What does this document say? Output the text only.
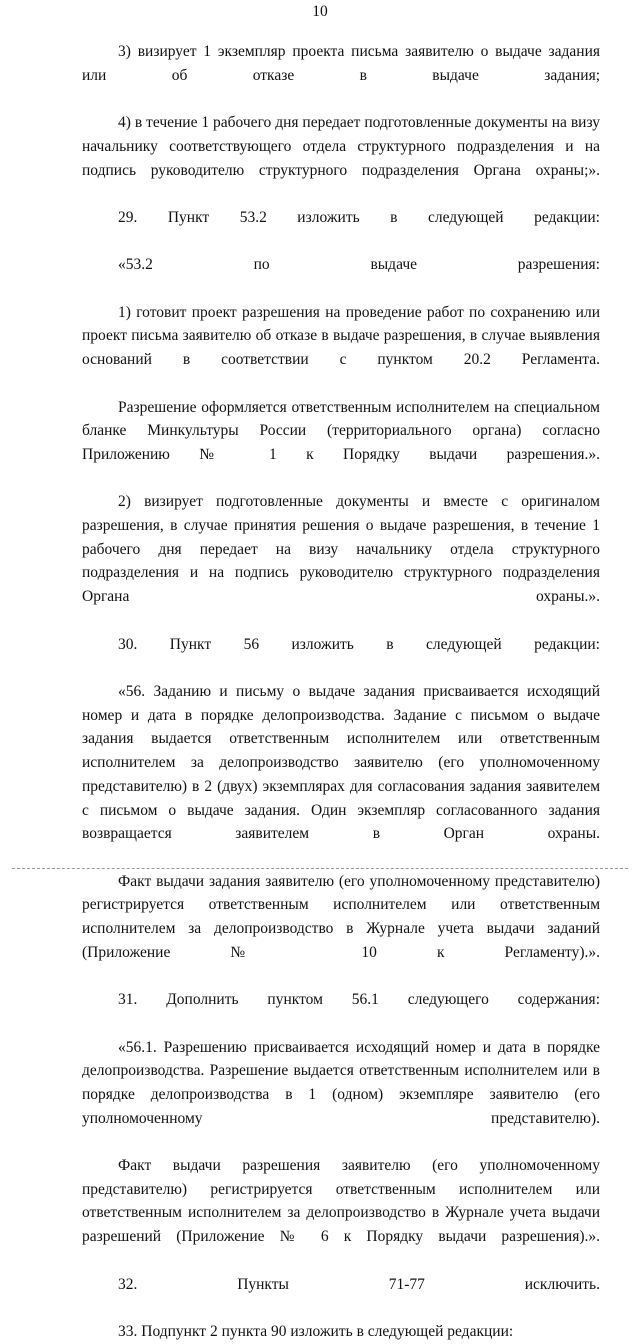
10

3) визирует 1 экземпляр проекта письма заявителю о выдаче задания или об отказе в выдаче задания;

4) в течение 1 рабочего дня передает подготовленные документы на визу начальнику соответствующего отдела структурного подразделения и на подпись руководителю структурного подразделения Органа охраны;».

29. Пункт 53.2 изложить в следующей редакции:

«53.2 по выдаче разрешения:

1) готовит проект разрешения на проведение работ по сохранению или проект письма заявителю об отказе в выдаче разрешения, в случае выявления оснований в соответствии с пунктом 20.2 Регламента.

Разрешение оформляется ответственным исполнителем на специальном бланке Минкультуры России (территориального органа) согласно Приложению № 1 к Порядку выдачи разрешения.».

2) визирует подготовленные документы и вместе с оригиналом разрешения, в случае принятия решения о выдаче разрешения, в течение 1 рабочего дня передает на визу начальнику отдела структурного подразделения и на подпись руководителю структурного подразделения Органа охраны.».

30. Пункт 56 изложить в следующей редакции:

«56. Заданию и письму о выдаче задания присваивается исходящий номер и дата в порядке делопроизводства. Задание с письмом о выдаче задания выдается ответственным исполнителем или ответственным исполнителем за делопроизводство заявителю (его уполномоченному представителю) в 2 (двух) экземплярах для согласования задания заявителем с письмом о выдаче задания. Один экземпляр согласованного задания возвращается заявителем в Орган охраны.

Факт выдачи задания заявителю (его уполномоченному представителю) регистрируется ответственным исполнителем или ответственным исполнителем за делопроизводство в Журнале учета выдачи заданий (Приложение № 10 к Регламенту).».

31. Дополнить пунктом 56.1 следующего содержания:

«56.1. Разрешению присваивается исходящий номер и дата в порядке делопроизводства. Разрешение выдается ответственным исполнителем или в порядке делопроизводства в 1 (одном) экземпляре заявителю (его уполномоченному представителю).

Факт выдачи разрешения заявителю (его уполномоченному представителю) регистрируется ответственным исполнителем или ответственным исполнителем за делопроизводство в Журнале учета выдачи разрешений (Приложение № 6 к Порядку выдачи разрешения).».

32. Пункты 71-77 исключить.

33. Подпункт 2 пункта 90 изложить в следующей редакции:
